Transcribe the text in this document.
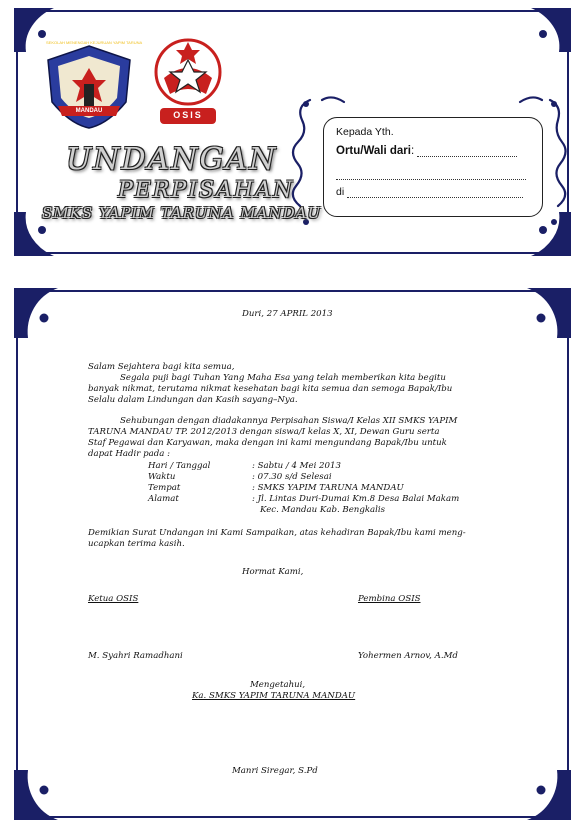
SEKOLAH MENENGAH KEJURUAN YAPIM TARUNA
MANDAU	OSIS
UNDANGAN
PERPISAHAN
SMKS YAPIM TARUNA MANDAU
Kepada Yth.
Ortu/Wali dari:
di
Duri, 27 APRIL 2013
Salam Sejahtera bagi kita semua,
Segala puji bagi Tuhan Yang Maha Esa yang telah memberikan kita begitu
banyak nikmat, terutama nikmat kesehatan bagi kita semua dan semoga Bapak/Ibu
Selalu dalam Lindungan dan Kasih sayang–Nya.
Sehubungan dengan diadakannya Perpisahan Siswa/I Kelas XII SMKS YAPIM
TARUNA MANDAU TP. 2012/2013 dengan siswa/I kelas X, XI, Dewan Guru serta
Staf Pegawai dan Karyawan, maka dengan ini kami mengundang Bapak/Ibu untuk
dapat Hadir pada :
Hari / Tanggal	: Sabtu / 4 Mei 2013
Waktu	: 07.30 s/d Selesai
Tempat	: SMKS YAPIM TARUNA MANDAU
Alamat	: Jl. Lintas Duri-Dumai Km.8 Desa Balai Makam
Kec. Mandau Kab. Bengkalis
Demikian Surat Undangan ini Kami Sampaikan, atas kehadiran Bapak/Ibu kami meng-
ucapkan terima kasih.
Hormat Kami,
Ketua OSIS	Pembina OSIS
M. Syahri Ramadhani	Yohermen Arnov, A.Md
Mengetahui,
Ka. SMKS YAPIM TARUNA MANDAU
Manri Siregar, S.Pd
